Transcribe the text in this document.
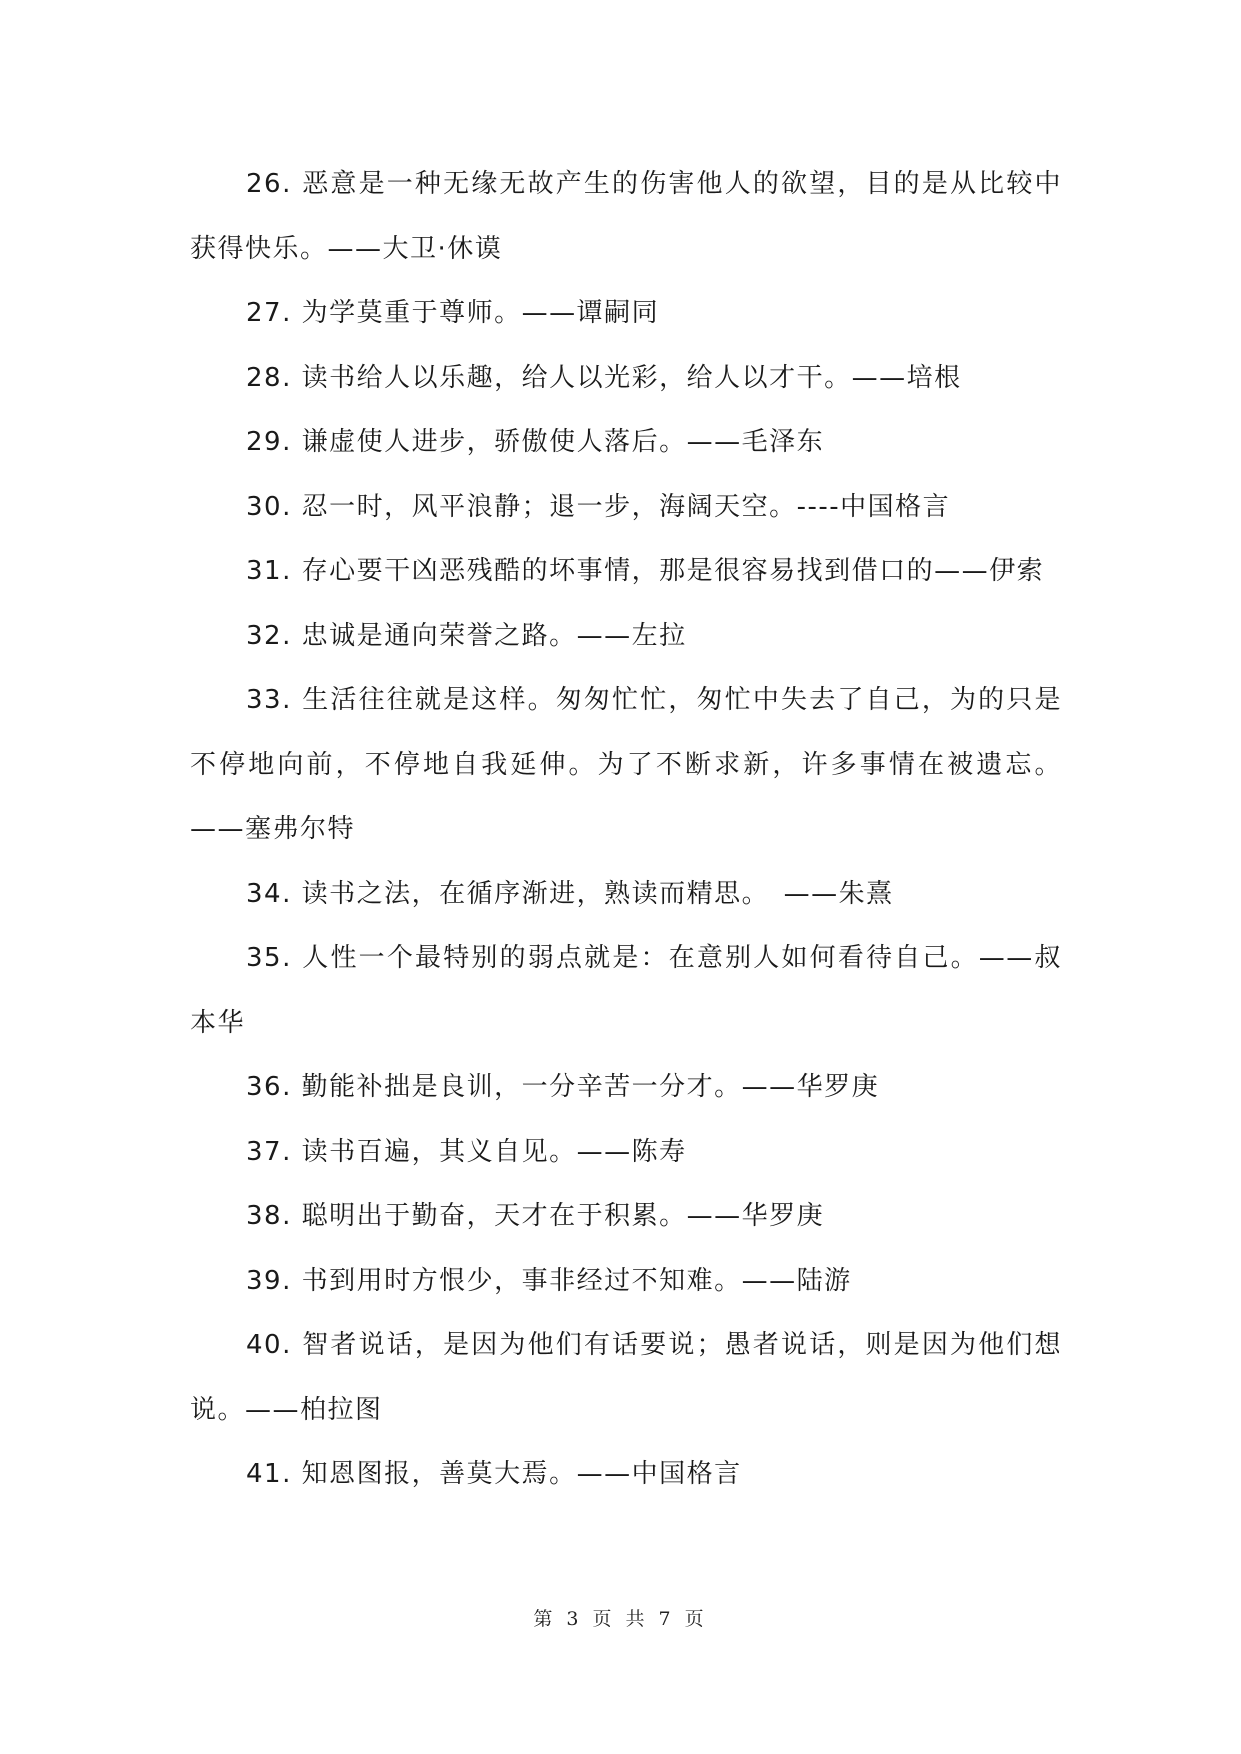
26. 恶意是一种无缘无故产生的伤害他人的欲望，目的是从比较中获得快乐。——大卫·休谟

27. 为学莫重于尊师。——谭嗣同

28. 读书给人以乐趣，给人以光彩，给人以才干。——培根

29. 谦虚使人进步，骄傲使人落后。——毛泽东

30. 忍一时，风平浪静；退一步，海阔天空。----中国格言

31. 存心要干凶恶残酷的坏事情，那是很容易找到借口的——伊索

32. 忠诚是通向荣誉之路。——左拉

33. 生活往往就是这样。匆匆忙忙，匆忙中失去了自己，为的只是不停地向前，不停地自我延伸。为了不断求新，许多事情在被遗忘。——塞弗尔特

34. 读书之法，在循序渐进，熟读而精思。　——朱熹

35. 人性一个最特别的弱点就是：在意别人如何看待自己。——叔本华

36. 勤能补拙是良训，一分辛苦一分才。——华罗庚

37. 读书百遍，其义自见。——陈寿

38. 聪明出于勤奋，天才在于积累。——华罗庚

39. 书到用时方恨少，事非经过不知难。——陆游

40. 智者说话，是因为他们有话要说；愚者说话，则是因为他们想说。——柏拉图

41. 知恩图报，善莫大焉。——中国格言

第 3 页 共 7 页
